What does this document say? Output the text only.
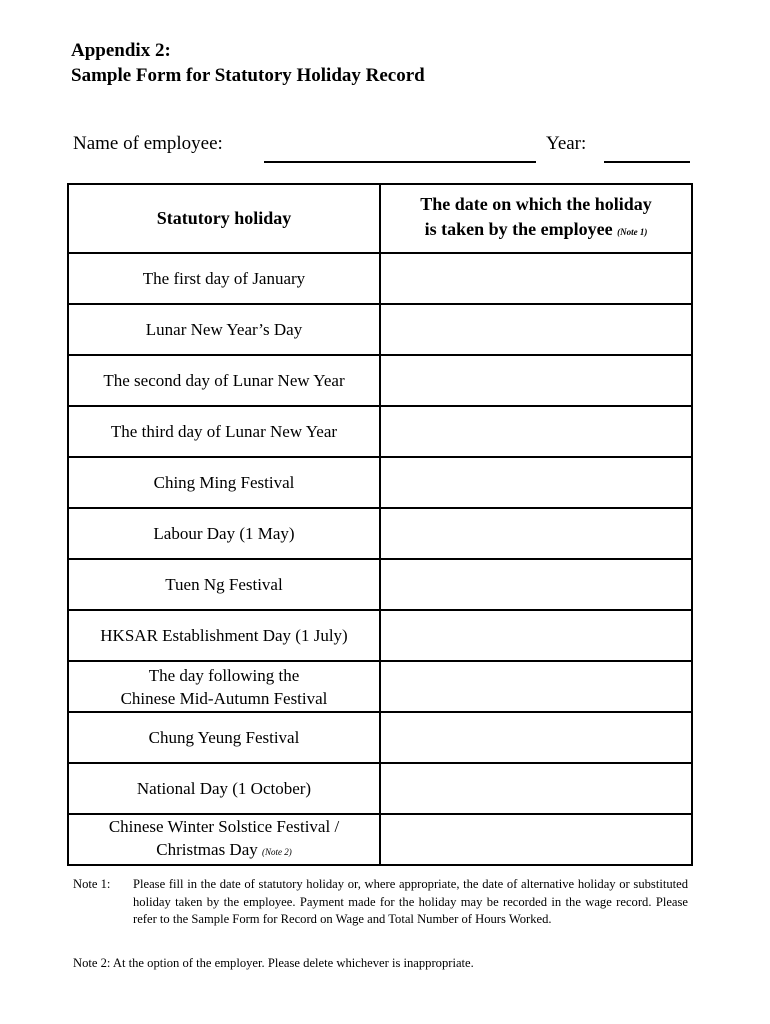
Appendix 2:
Sample Form for Statutory Holiday Record
Name of employee:	Year:
Statutory holiday	The date on which the holiday
is taken by the employee (Note 1)
The first day of January	
Lunar New Year’s Day	
The second day of Lunar New Year	
The third day of Lunar New Year	
Ching Ming Festival	
Labour Day (1 May)	
Tuen Ng Festival	
HKSAR Establishment Day (1 July)	
The day following the
Chinese Mid-Autumn Festival	
Chung Yeung Festival	
National Day (1 October)	
Chinese Winter Solstice Festival /
Christmas Day (Note 2)	
Note 1: Please fill in the date of statutory holiday or, where appropriate, the date of alternative holiday or substituted holiday taken by the employee. Payment made for the holiday may be recorded in the wage record. Please refer to the Sample Form for Record on Wage and Total Number of Hours Worked.
Note 2: At the option of the employer. Please delete whichever is inappropriate.
